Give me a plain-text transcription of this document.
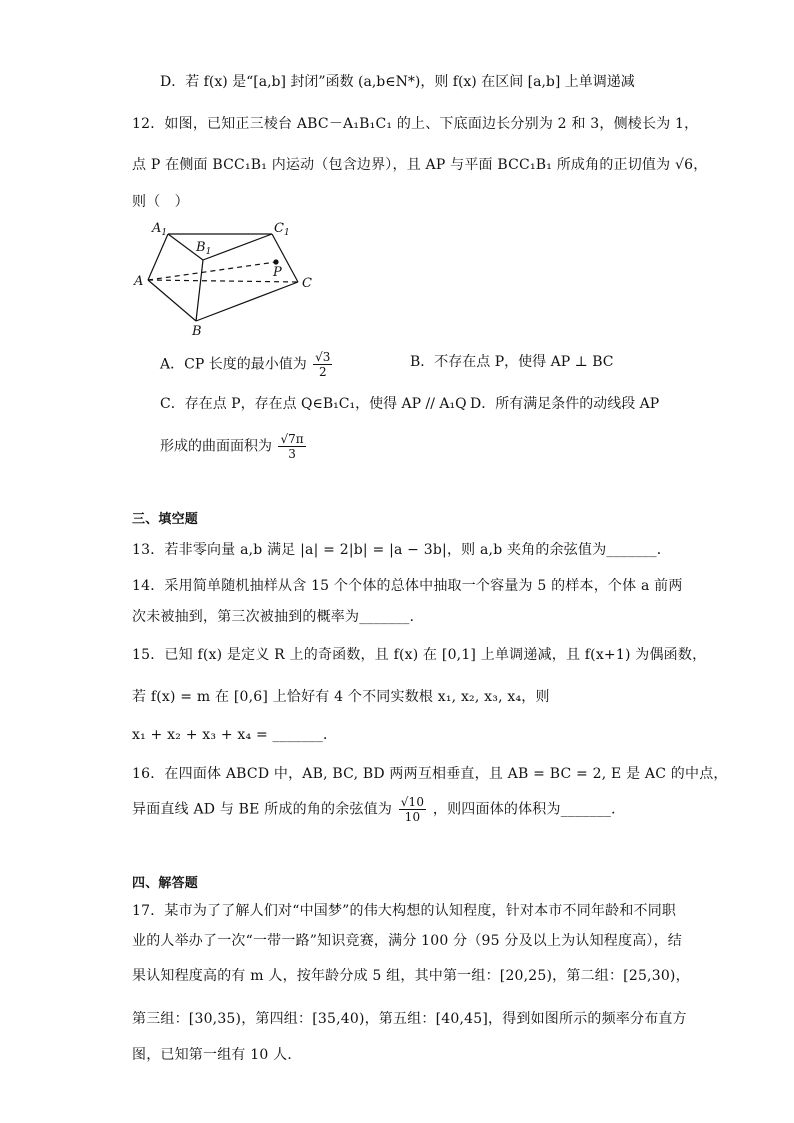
D．若 f(x) 是“[a,b] 封闭”函数 (a,b∈N*)，则 f(x) 在区间 [a,b] 上单调递减
12．如图，已知正三棱台 ABC－A₁B₁C₁ 的上、下底面边长分别为 2 和 3，侧棱长为 1，
点 P 在侧面 BCC₁B₁ 内运动（包含边界），且 AP 与平面 BCC₁B₁ 所成角的正切值为 √6，
则（　）
$A_1$
$B_1$
$C_1$
P
A	C
B
A．CP 长度的最小值为 $\frac{√3}{2}$	B．不存在点 P，使得 AP ⊥ BC
C．存在点 P，存在点 Q∈B₁C₁，使得 AP // A₁Q D．所有满足条件的动线段 AP
形成的曲面面积为 $\frac{√7\pi}{3}$
三、填空题
13．若非零向量 a,b 满足 |a| = 2|b| = |a − 3b|，则 a,b 夹角的余弦值为_______．
14．采用简单随机抽样从含 15 个个体的总体中抽取一个容量为 5 的样本，个体 a 前两
次未被抽到，第三次被抽到的概率为_______．
15．已知 f(x) 是定义 R 上的奇函数，且 f(x) 在 [0,1] 上单调递减，且 f(x+1) 为偶函数，
若 f(x) = m 在 [0,6] 上恰好有 4 个不同实数根 x₁, x₂, x₃, x₄，则
x₁ + x₂ + x₃ + x₄ = _______．
16．在四面体 ABCD 中，AB, BC, BD 两两互相垂直，且 AB = BC = 2, E 是 AC 的中点，
异面直线 AD 与 BE 所成的角的余弦值为 $\frac{√10}{10}$ ，则四面体的体积为_______．
四、解答题
17．某市为了了解人们对“中国梦”的伟大构想的认知程度，针对本市不同年龄和不同职
业的人举办了一次“一带一路”知识竞赛，满分 100 分（95 分及以上为认知程度高），结
果认知程度高的有 m 人，按年龄分成 5 组，其中第一组：[20,25)，第二组：[25,30)，
第三组：[30,35)，第四组：[35,40)，第五组：[40,45]，得到如图所示的频率分布直方
图，已知第一组有 10 人．
